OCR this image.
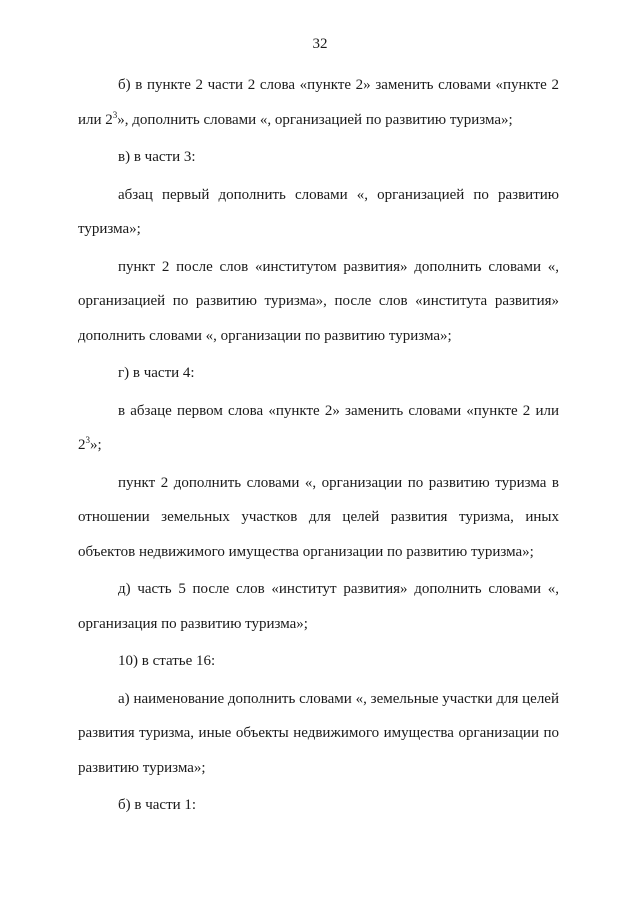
32

б) в пункте 2 части 2 слова «пункте 2» заменить словами «пункте 2 или $2^3$», дополнить словами «, организацией по развитию туризма»;

в) в части 3:

абзац первый дополнить словами «, организацией по развитию туризма»;

пункт 2 после слов «институтом развития» дополнить словами «, организацией по развитию туризма», после слов «института развития» дополнить словами «, организации по развитию туризма»;

г) в части 4:

в абзаце первом слова «пункте 2» заменить словами «пункте 2 или $2^3$»;

пункт 2 дополнить словами «, организации по развитию туризма в отношении земельных участков для целей развития туризма, иных объектов недвижимого имущества организации по развитию туризма»;

д) часть 5 после слов «институт развития» дополнить словами «, организация по развитию туризма»;

10) в статье 16:

а) наименование дополнить словами «, земельные участки для целей развития туризма, иные объекты недвижимого имущества организации по развитию туризма»;

б) в части 1:
